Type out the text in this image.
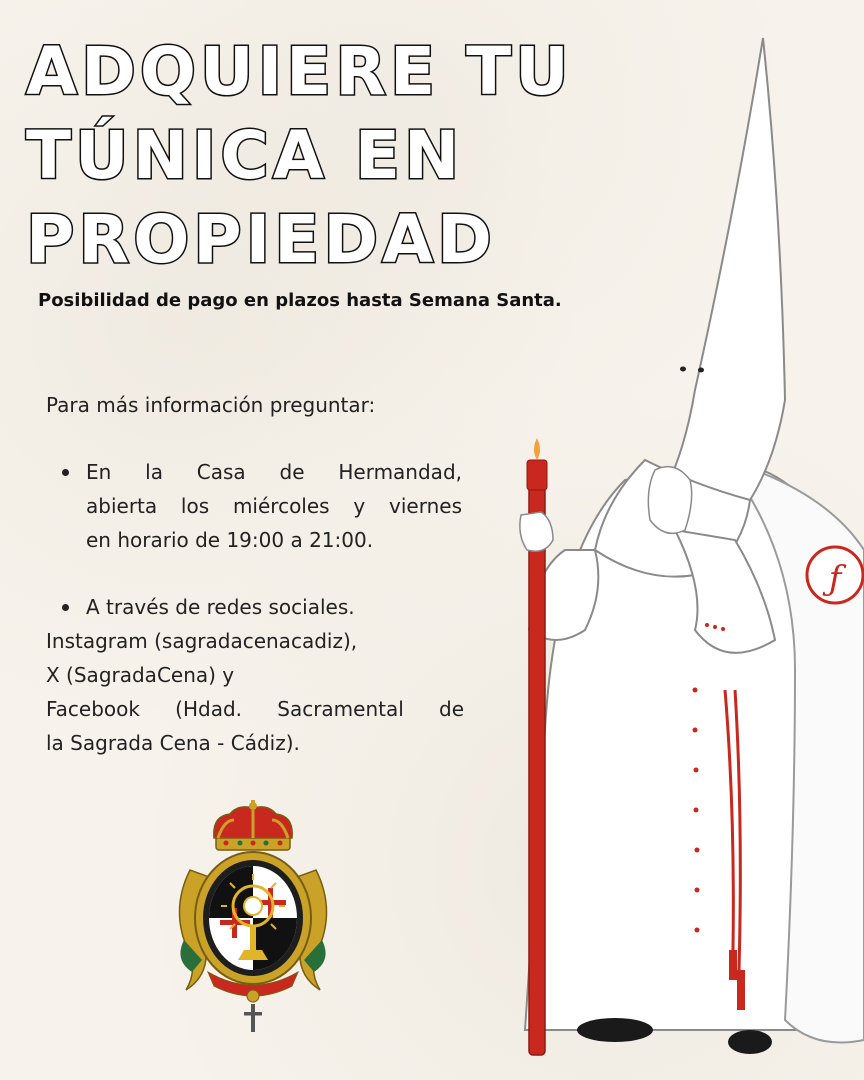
ADQUIERE TU
TÚNICA EN
PROPIEDAD
Posibilidad de pago en plazos hasta Semana Santa.
Para más información preguntar:
En la Casa de Hermandad,
abierta los miércoles y viernes
en horario de 19:00 a 21:00.
A través de redes sociales.
Instagram (sagradacenacadiz),
X (SagradaCena) y
Facebook (Hdad. Sacramental de
la Sagrada Cena - Cádiz).
ƒ
